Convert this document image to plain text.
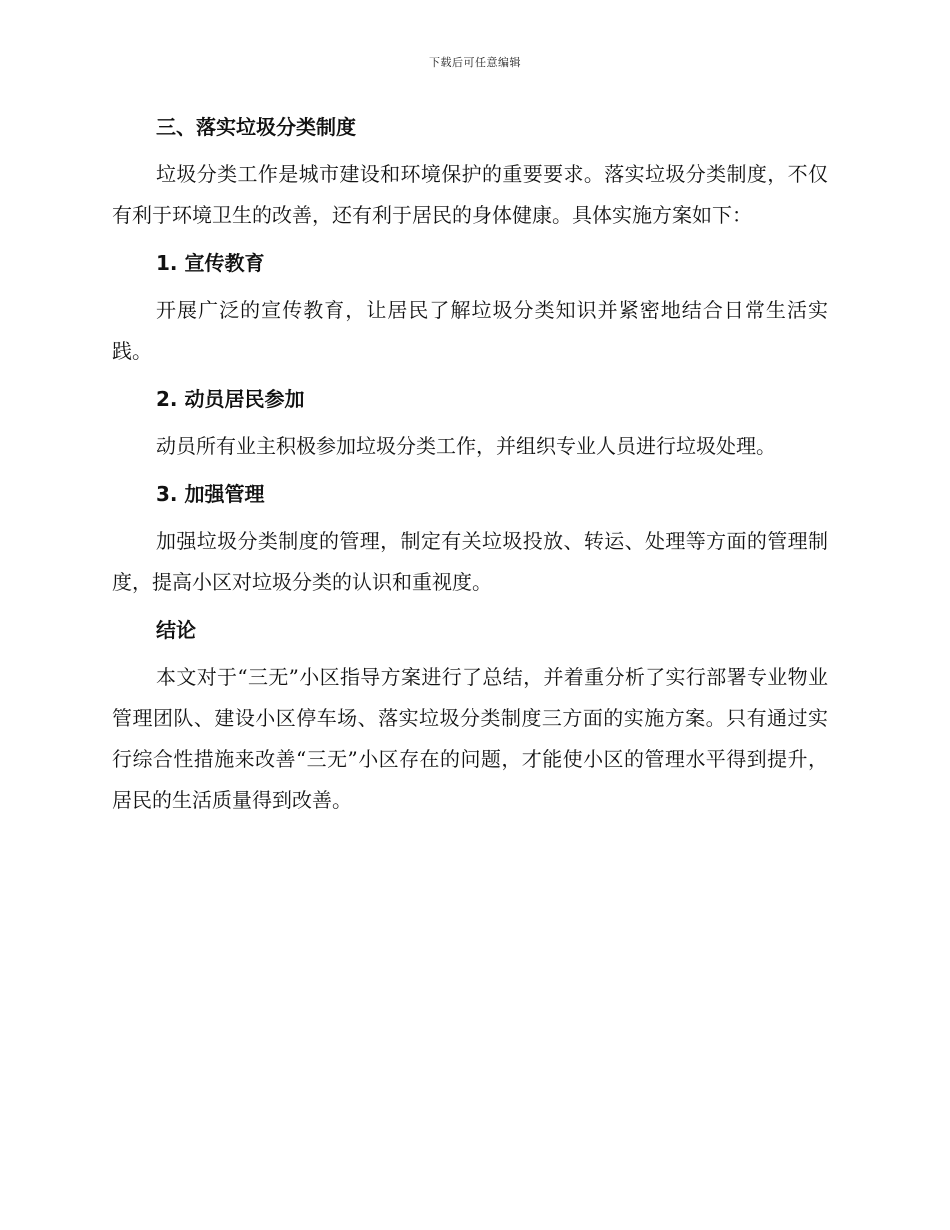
下载后可任意编辑
三、落实垃圾分类制度

垃圾分类工作是城市建设和环境保护的重要要求。落实垃圾分类制度，不仅有利于环境卫生的改善，还有利于居民的身体健康。具体实施方案如下：

1. 宣传教育

开展广泛的宣传教育，让居民了解垃圾分类知识并紧密地结合日常生活实践。

2. 动员居民参加

动员所有业主积极参加垃圾分类工作，并组织专业人员进行垃圾处理。

3. 加强管理

加强垃圾分类制度的管理，制定有关垃圾投放、转运、处理等方面的管理制度，提高小区对垃圾分类的认识和重视度。

结论

本文对于“三无”小区指导方案进行了总结，并着重分析了实行部署专业物业管理团队、建设小区停车场、落实垃圾分类制度三方面的实施方案。只有通过实行综合性措施来改善“三无”小区存在的问题，才能使小区的管理水平得到提升，居民的生活质量得到改善。
